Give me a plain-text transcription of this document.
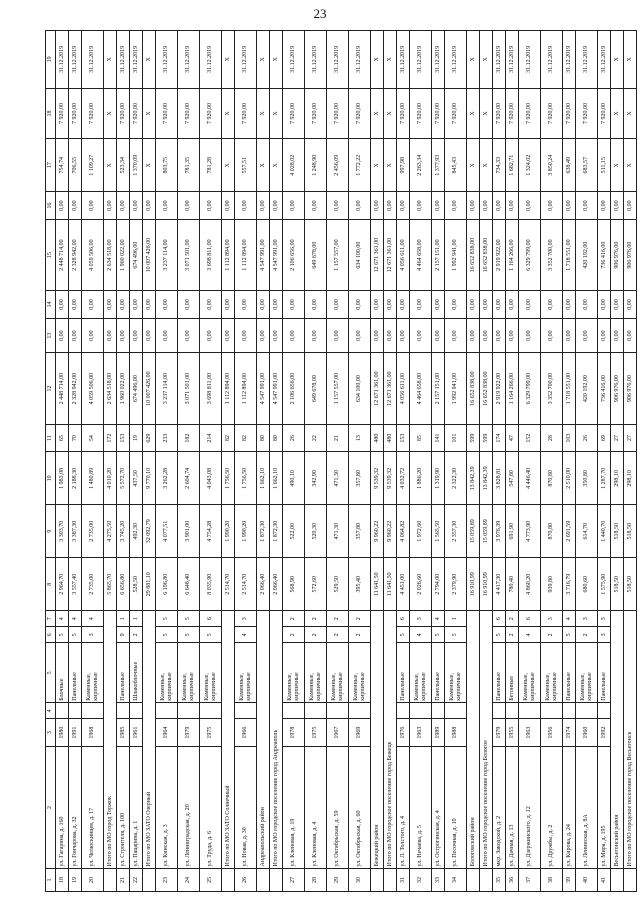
23
1	2	3	4	5	6	7	8	9	10	11	12	13	14	15	16	17	18	19
18	ул. Гагарина, д. 160	1980		Блочные	5	4	2 964,70	3 303,70	1 983,08	65	2 448 714,00	0,00	0,00	2 448 714,00	0,00	754,74	7 920,00	31.12.2019
19	ул. Гончарова, д. 32	1991		Панельные	5	4	3 557,40	3 387,30	2 188,30	70	2 328 942,00	0,00	0,00	2 328 942,00	0,00	706,55	7 920,00	31.12.2019
20	ул. Челюскинцев, д. 17	1968		Каменные, кирпичные	3	4	2 735,00	2 735,00	1 480,89	54	4 059 506,00	0,00	0,00	4 059 506,00	0,00	1 109,27	7 920,00	31.12.2019
	Итого по МО город Торжок						5 865,70	4 275,50	4 010,20	172	2 634 518,00	0,00	0,00	2 634 518,00	0,00	X	X	X
21	ул. Строителя, д. 100	1985		Панельные	9	1	6 656,80	3 745,20	5 572,70	153	1 960 022,00	0,00	0,00	1 960 022,00	0,00	523,34	7 920,00	31.12.2019
22	ул. Пацарина, д. 1	1961		Шлакоблочные	2	1	528,50	492,30	437,50	19	674 496,00	0,00	0,00	674 496,00	0,00	1 370,09	7 920,00	31.12.2019
	Итого по МО ЗАТО Озерный						29 881,10	32 092,79	9 770,10	629	10 007 426,00	0,00	0,00	10 007 426,00	0,00	X	X	X
23	ул. Кинская, д. 3	1964		Каменные, кирпичные	5	5	6 196,80	4 077,51	3 262,28	233	3 237 114,00	0,00	0,00	3 237 114,00	0,00	803,75	7 920,00	31.12.2019
24	ул. Ленинградская, д. 20	1979		Каменные, кирпичные	5	5	6 648,40	3 901,00	2 604,74	182	3 071 501,00	0,00	0,00	3 071 501,00	0,00	781,35	7 920,00	31.12.2019
25	ул. Труда, д. 6	1975		Каменные, кирпичные	5	6	8 035,90	4 754,28	4 043,08	214	3 698 811,00	0,00	0,00	3 698 811,00	0,00	781,28	7 920,00	31.12.2019
	Итого по МО ЗАТО Солнечный						2 514,70	1 990,20	1 756,50	82	1 112 894,00	0,00	0,00	1 112 894,00	0,00	X	X	X
26	ул. Новая, д. 30	1966		Каменные, кирпичные	4	3	2 514,70	1 990,20	1 756,50	82	1 112 894,00	0,00	0,00	1 112 894,00	0,00	557,51	7 920,00	31.12.2019
	Андреапольский район						2 066,40	1 872,30	1 662,10	80	4 547 991,00	0,00	0,00	4 547 991,00	0,00	X	X	X
	Итого по МО городское поселение город Андреаполь						2 066,40	1 872,30	1 662,10	80	4 547 991,00	0,00	0,00	4 547 991,00	0,00	X	X	X
27	ул. Кленовая, д. 19	1978		Каменные, кирпичные	2	2	568,90	522,00	490,10	26	2 106 656,00	0,00	0,00	2 106 656,00	0,00	4 028,02	7 920,00	31.12.2019
28	ул. Кленовая, д. 4	1975		Каменные, кирпичные	2	2	572,60	520,30	342,90	22	649 678,00	0,00	0,00	649 678,00	0,00	1 248,90	7 920,00	31.12.2019
29	ул. Октябрьская, д. 59	1967		Каменные, кирпичные	2	2	529,50	471,30	471,30	21	1 157 557,00	0,00	0,00	1 157 557,00	0,00	2 456,09	7 920,00	31.12.2019
30	ул. Октябрьская, д. 60	1969		Каменные, кирпичные	2	2	395,40	357,80	357,80	13	634 100,00	0,00	0,00	634 100,00	0,00	1 772,22	7 920,00	31.12.2019
	Бежецкий район						11 641,50	9 960,22	9 539,32	480	12 671 361,00	0,00	0,00	12 671 361,00	0,00	X	X	X
	Итого по МО городское поселение город Бежецк						11 641,50	9 960,22	9 539,32	480	12 671 361,00	0,00	0,00	12 671 361,00	0,00	X	X	X
31	ул. Л. Толстого, д. 4	1976		Панельные	5	6	4 451,00	4 064,82	4 032,72	153	4 056 611,00	0,00	0,00	4 056 611,00	0,00	997,98	7 920,00	31.12.2019
32	ул. Нечаева, д. 5	1963		Каменные, кирпичные	4	3	2 026,60	1 972,60	1 886,20	85	4 464 658,00	0,00	0,00	4 464 658,00	0,00	2 263,34	7 920,00	31.12.2019
33	ул. Острогинская, д. 4	1989		Панельные	5	4	2 794,00	1 565,50	1 319,90	141	2 157 151,00	0,00	0,00	2 157 151,00	0,00	1 377,93	7 920,00	31.12.2019
34	ул. Песочная, д. 10	1988		Каменные, кирпичные	5	1	2 379,90	2 357,30	2 322,30	101	1 992 941,00	0,00	0,00	1 992 941,00	0,00	845,43	7 920,00	31.12.2019
	Бологовский район						16 910,99	15 059,89	13 842,39	599	16 652 838,00	0,00	0,00	16 652 838,00	0,00	X	X	X
	Итого по МО городское поселение город Бологое						16 910,99	15 059,89	13 842,39	599	16 652 838,00	0,00	0,00	16 652 838,00	0,00	X	X	X
35	мкр. Заводской, д. 2	1979		Панельные	5	6	4 417,30	3 976,39	3 828,81	174	2 919 922,00	0,00	0,00	2 919 922,00	0,00	734,33	7 920,00	31.12.2019
36	ул. Дачная, д. 13	1955		Бетонные	2	2	780,40	691,90	547,80	47	1 164 266,00	0,00	0,00	1 164 266,00	0,00	1 682,71	7 920,00	31.12.2019
37	ул. Дзержинского, д. 12	1963		Каменные, кирпичные	4	6	4 860,20	4 773,90	4 446,40	152	6 329 799,00	0,00	0,00	6 329 799,00	0,00	1 324,02	7 920,00	31.12.2019
38	ул. Дружбы, д. 2	1956		Каменные, кирпичные	2	3	939,80	870,80	870,80	28	3 352 700,00	0,00	0,00	3 352 700,00	0,00	3 850,24	7 920,00	31.12.2019
39	ул. Кирова, д. 24	1974		Панельные	5	4	3 716,79	2 691,59	2 510,00	103	1 718 551,00	0,00	0,00	1 718 551,00	0,00	638,49	7 920,00	31.12.2019
40	ул. Ленинская, д. 8А	1960		Каменные, кирпичные	2	3	680,60	614,70	350,80	26	420 192,00	0,00	0,00	420 192,00	0,00	683,57	7 920,00	31.12.2019
41	ул. Мира, д. 195	1992		Панельные	3	3	1 575,90	1 440,70	1 287,70	69	736 416,00	0,00	0,00	736 416,00	0,00	511,15	7 920,00	31.12.2019
	Весьегонский район						518,50	518,50	298,10	27	906 976,00	0,00	0,00	906 976,00	0,00	X	X	X
	Итого по МО городское поселение город Весьегонск						518,50	518,50	298,10	27	906 976,00	0,00	0,00	906 976,00	0,00	X	X	X
